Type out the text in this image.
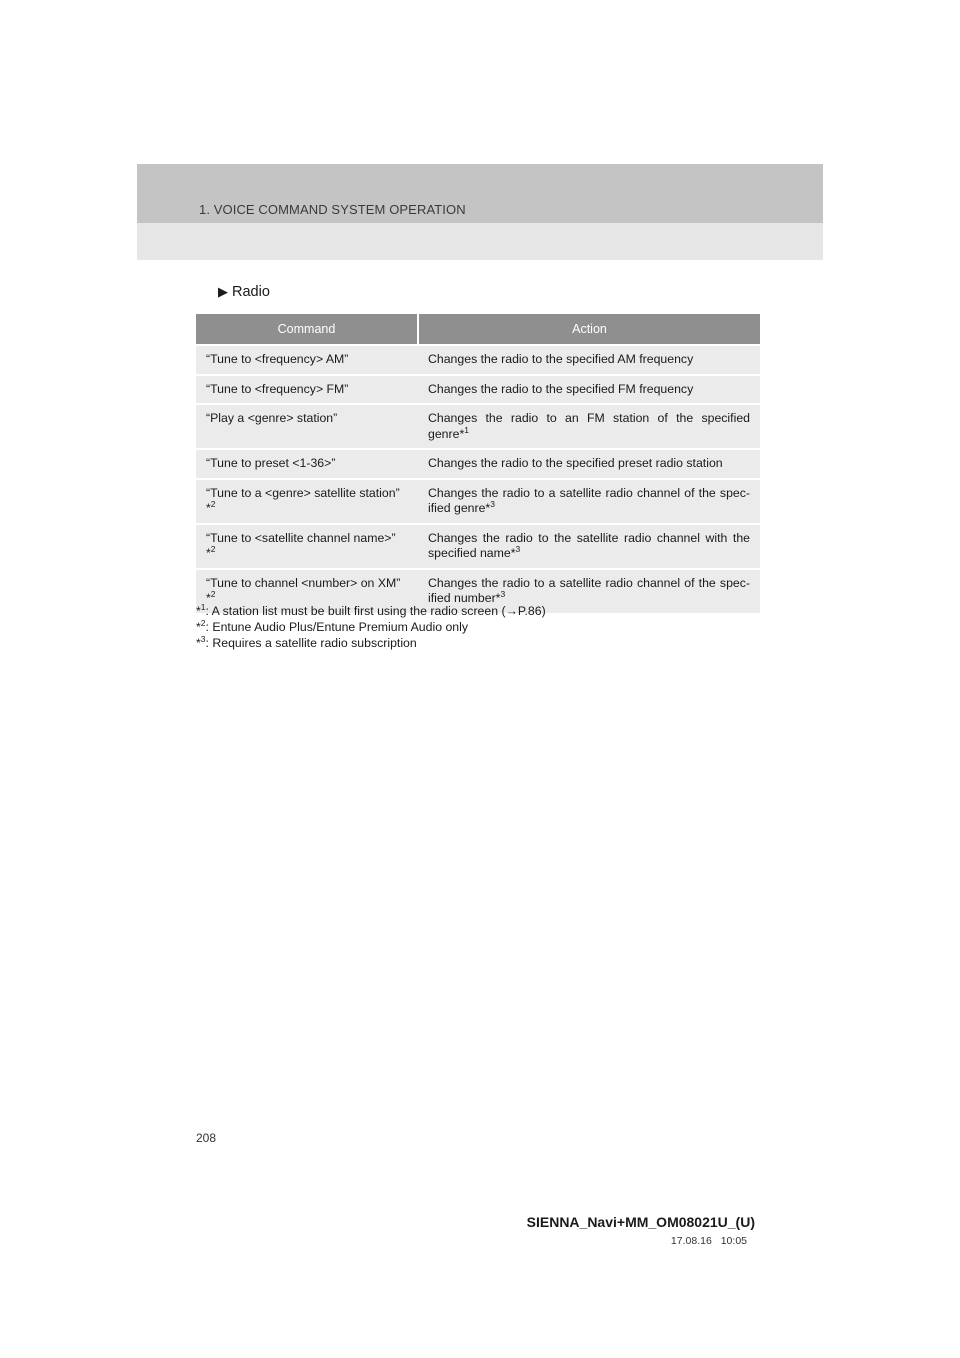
1. VOICE COMMAND SYSTEM OPERATION
▶ Radio
Command	Action
“Tune to <frequency> AM”	Changes the radio to the specified AM frequency
“Tune to <frequency> FM”	Changes the radio to the specified FM frequency
“Play a <genre> station”	Changes the radio to an FM station of the specified genre*$^1$
“Tune to preset <1-36>”	Changes the radio to the specified preset radio station
“Tune to a <genre> satellite station” *$^2$	Changes the radio to a satellite radio channel of the spec-ified genre*$^3$
“Tune to <satellite channel name>” *$^2$	Changes the radio to the satellite radio channel with the specified name*$^3$
“Tune to channel <number> on XM” *$^2$	Changes the radio to a satellite radio channel of the spec-ified number*$^3$
*$^1$: A station list must be built first using the radio screen (→P.86)
*$^2$: Entune Audio Plus/Entune Premium Audio only
*$^3$: Requires a satellite radio subscription
208
SIENNA_Navi+MM_OM08021U_(U)
17.08.16 10:05
